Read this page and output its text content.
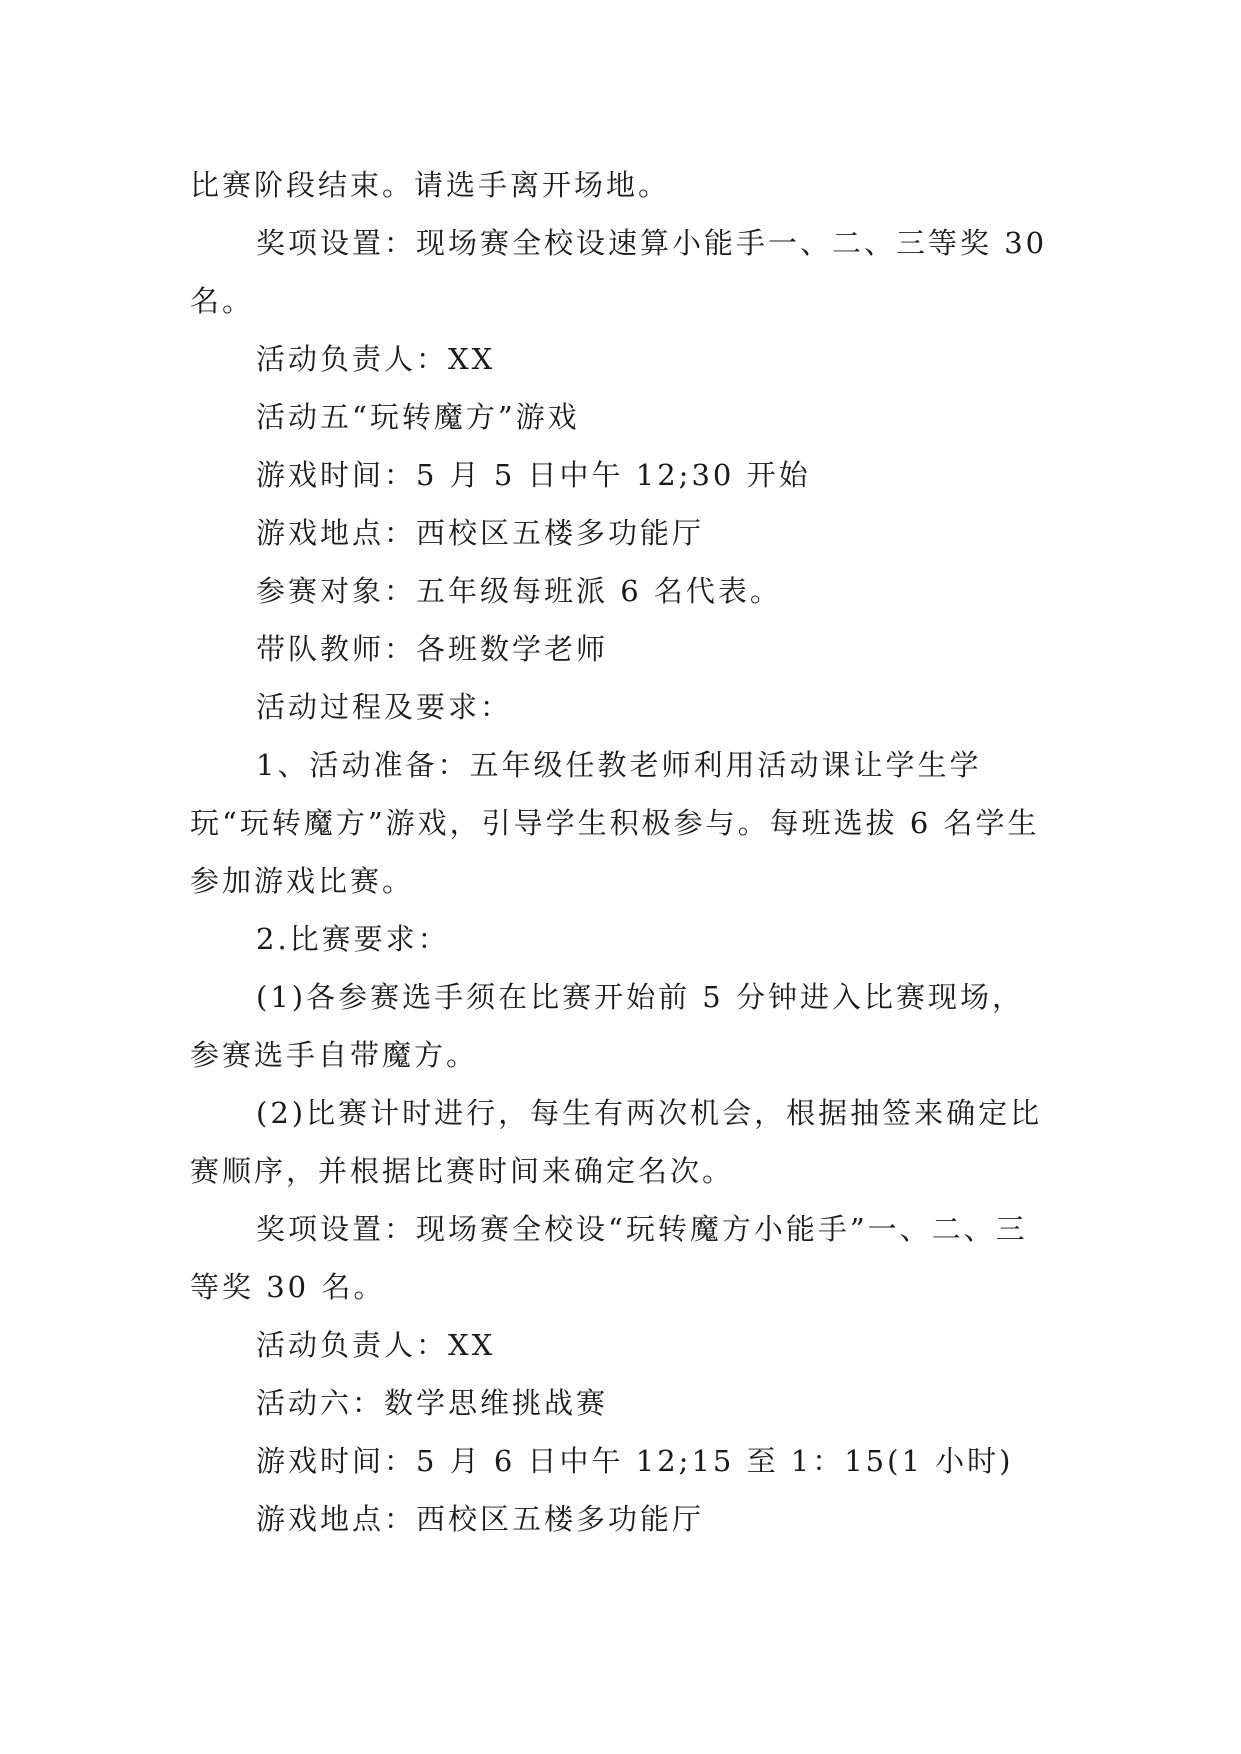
比赛阶段结束。请选手离开场地。

奖项设置：现场赛全校设速算小能手一、二、三等奖 30 名。

活动负责人：XX

活动五“玩转魔方”游戏

游戏时间：5 月 5 日中午 12;30 开始

游戏地点：西校区五楼多功能厅

参赛对象：五年级每班派 6 名代表。

带队教师：各班数学老师

活动过程及要求：

1、活动准备：五年级任教老师利用活动课让学生学玩“玩转魔方”游戏，引导学生积极参与。每班选拔 6 名学生参加游戏比赛。

2.比赛要求：

(1)各参赛选手须在比赛开始前 5 分钟进入比赛现场，参赛选手自带魔方。

(2)比赛计时进行，每生有两次机会，根据抽签来确定比赛顺序，并根据比赛时间来确定名次。

奖项设置：现场赛全校设“玩转魔方小能手”一、二、三等奖 30 名。

活动负责人：XX

活动六：数学思维挑战赛

游戏时间：5 月 6 日中午 12;15 至 1：15(1 小时)

游戏地点：西校区五楼多功能厅
